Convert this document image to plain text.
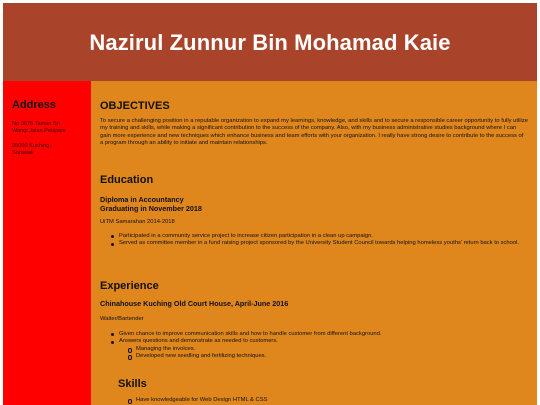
Nazirul Zunnur Bin Mohamad Kaie
Address
No 3676 Taman Sri
Wangi Jalan Pelajaya
95000 Kuching,
Sarawak
OBJECTIVES

To secure a challenging position in a reputable organization to expand my learnings, knowledge, and skills and to secure a responsible career opportunity to fully utilize my training and skills, while making a significant contribution to the success of the company. Also, with my business administrative studies background where I can gain more experience and new techniques which enhance business and team efforts with your organization. I really have strong desire to contribute to the success of a program through an ability to initiate and maintain relationships.

Education
Diploma in Accountancy
Graduating in November 2018

UiTM Samarahan 2014-2018

Participated in a community service project to increase citizen participation in a clean up campaign.
Served as committee member in a fund raising project sponsored by the University Student Council towards helping homeless youths' return back to school.
Experience
Chinahouse Kuching Old Court House, April-June 2016

Waiter/Bartender

Given chance to improve communication skills and how to handle customer from different background.
Answers questions and demonstrate as needed to customers.
Managing the invoices.
Developed new seedling and fertilizing techniques.
Skills
Have knowledgeable for Web Design HTML & CSS
